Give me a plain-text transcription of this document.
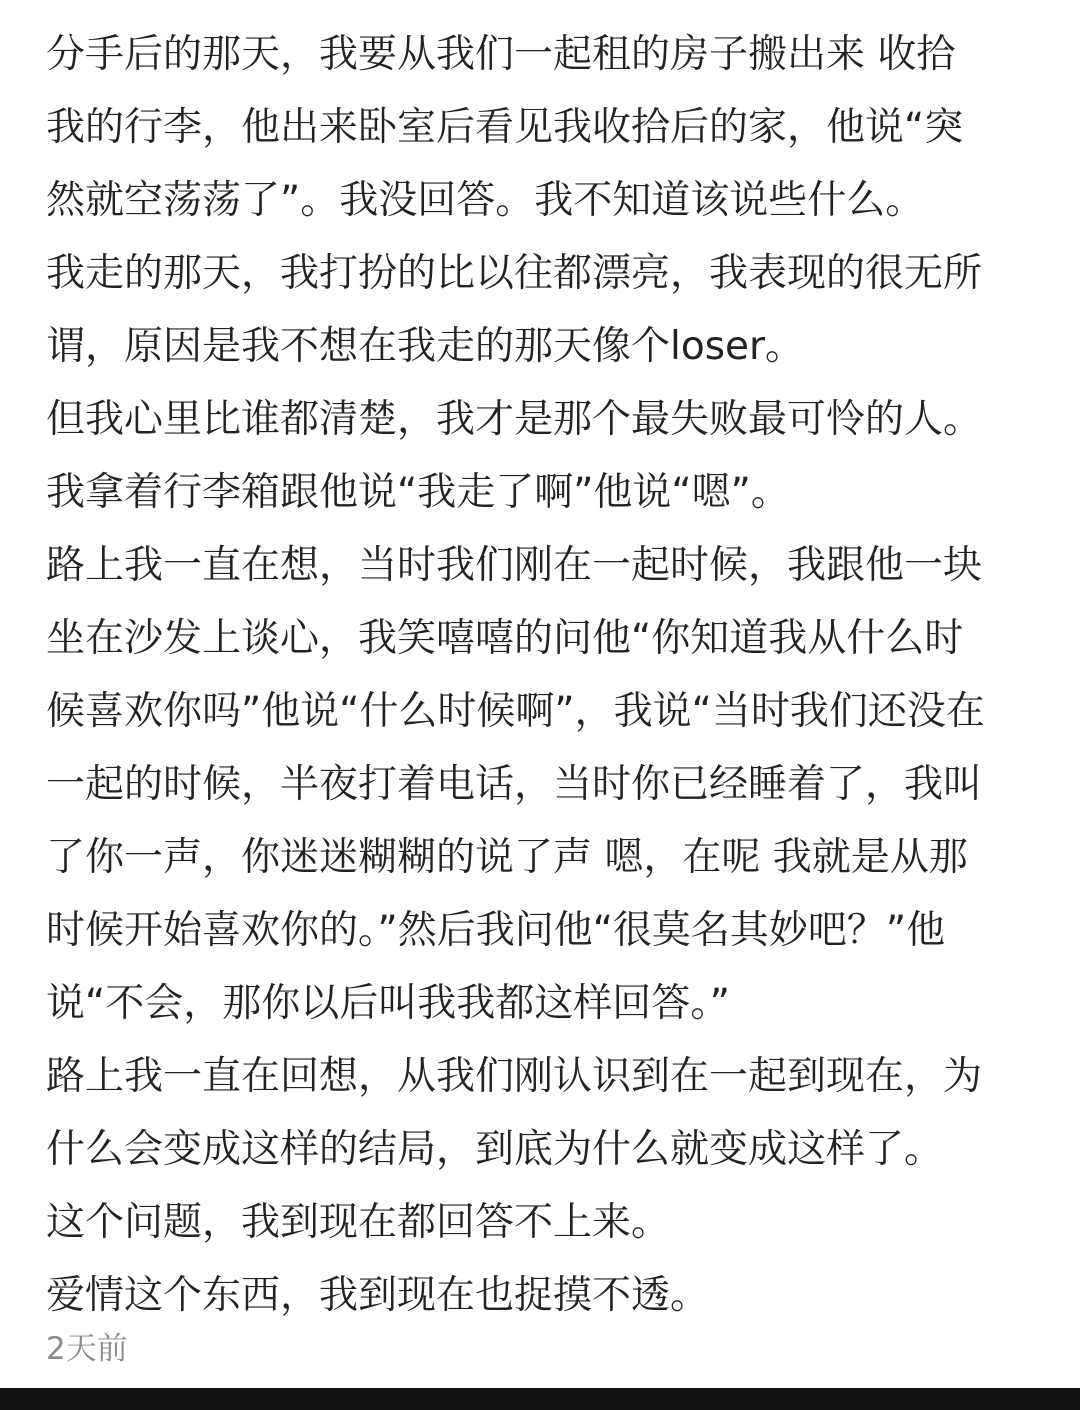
分手后的那天，我要从我们一起租的房子搬出来 收拾
我的行李，他出来卧室后看见我收拾后的家，他说“突
然就空荡荡了”。我没回答。我不知道该说些什么。
我走的那天，我打扮的比以往都漂亮，我表现的很无所
谓，原因是我不想在我走的那天像个loser。
但我心里比谁都清楚，我才是那个最失败最可怜的人。
我拿着行李箱跟他说“我走了啊”他说“嗯”。
路上我一直在想，当时我们刚在一起时候，我跟他一块
坐在沙发上谈心，我笑嘻嘻的问他“你知道我从什么时
候喜欢你吗”他说“什么时候啊”，我说“当时我们还没在
一起的时候，半夜打着电话，当时你已经睡着了，我叫
了你一声，你迷迷糊糊的说了声 嗯，在呢 我就是从那
时候开始喜欢你的。”然后我问他“很莫名其妙吧？”他
说“不会，那你以后叫我我都这样回答。”
路上我一直在回想，从我们刚认识到在一起到现在，为
什么会变成这样的结局，到底为什么就变成这样了。
这个问题，我到现在都回答不上来。
爱情这个东西，我到现在也捉摸不透。
2天前
